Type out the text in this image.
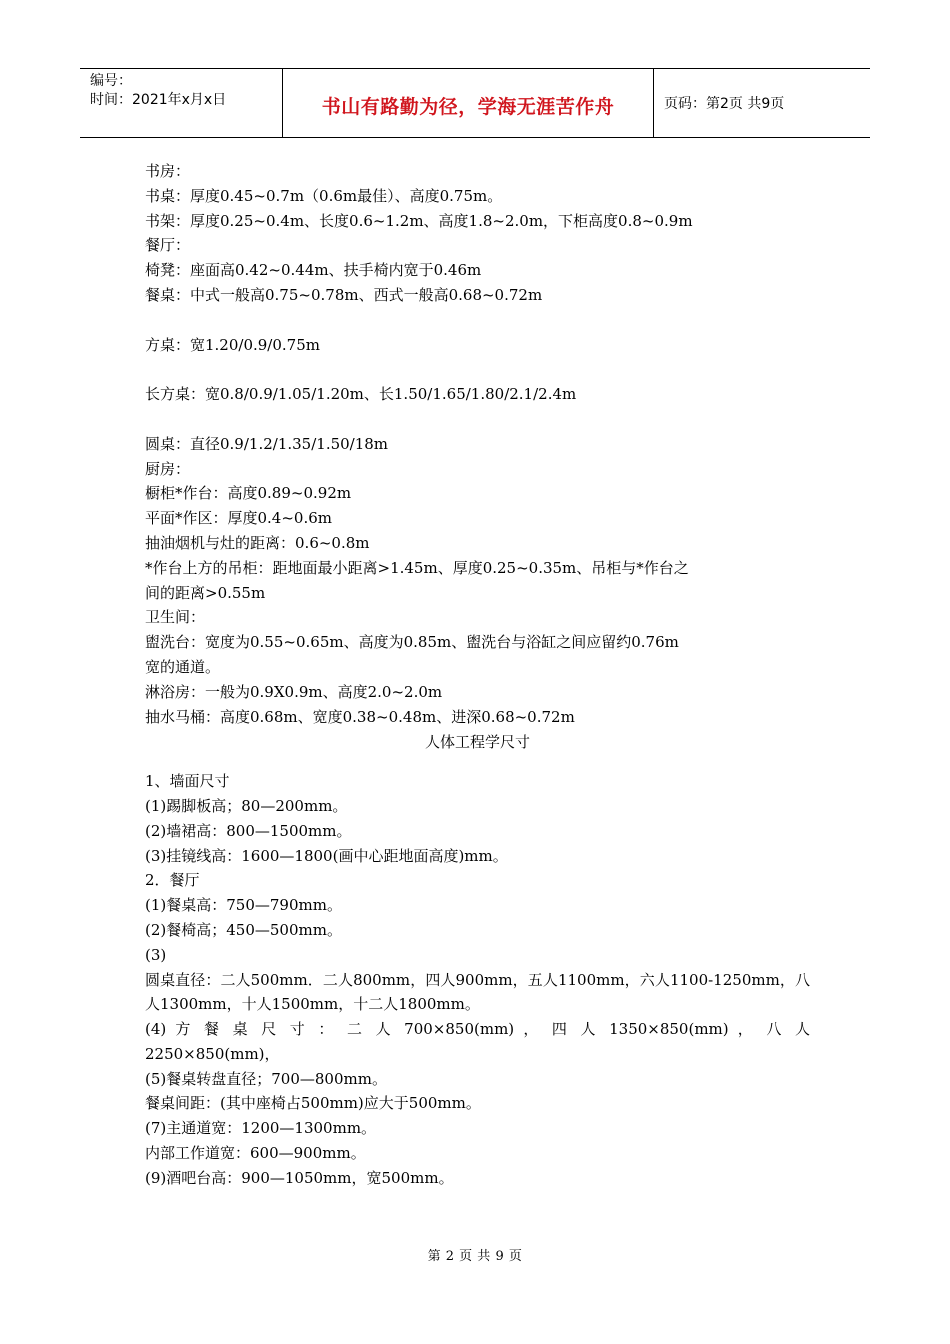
编号：
时间：2021年x月x日	书山有路勤为径，学海无涯苦作舟	页码：第2页 共9页
书房：
书桌：厚度0.45~0.7m（0.6m最佳）、高度0.75m。
书架：厚度0.25~0.4m、长度0.6~1.2m、高度1.8~2.0m，下柜高度0.8~0.9m
餐厅：
椅凳：座面高0.42~0.44m、扶手椅内宽于0.46m
餐桌：中式一般高0.75~0.78m、西式一般高0.68~0.72m
方桌：宽1.20/0.9/0.75m
长方桌：宽0.8/0.9/1.05/1.20m、长1.50/1.65/1.80/2.1/2.4m
圆桌：直径0.9/1.2/1.35/1.50/18m
厨房：
橱柜*作台：高度0.89~0.92m
平面*作区：厚度0.4~0.6m
抽油烟机与灶的距离：0.6~0.8m
*作台上方的吊柜：距地面最小距离>1.45m、厚度0.25~0.35m、吊柜与*作台之
间的距离>0.55m
卫生间：
盥洗台：宽度为0.55~0.65m、高度为0.85m、盥洗台与浴缸之间应留约0.76m
宽的通道。
淋浴房：一般为0.9X0.9m、高度2.0~2.0m
抽水马桶：高度0.68m、宽度0.38~0.48m、进深0.68~0.72m
人体工程学尺寸
1、墙面尺寸
(1)踢脚板高；80—200mm。
(2)墙裙高：800—1500mm。
(3)挂镜线高：1600—1800(画中心距地面高度)mm。
2．餐厅
(1)餐桌高：750—790mm。
(2)餐椅高；450—500mm。
(3)
圆桌直径：二人500mm．二人800mm，四人900mm，五人1100mm，六人1100-1250mm，八人1300mm，十人1500mm，十二人1800mm。
(4) 方 餐 桌 尺 寸 ： 二 人 700×850(mm) ， 四 人 1350×850(mm) ， 八 人
2250×850(mm)，
(5)餐桌转盘直径；700—800mm。
餐桌间距：(其中座椅占500mm)应大于500mm。
(7)主通道宽：1200—1300mm。
内部工作道宽：600—900mm。
(9)酒吧台高：900—1050mm，宽500mm。
第 2 页 共 9 页
